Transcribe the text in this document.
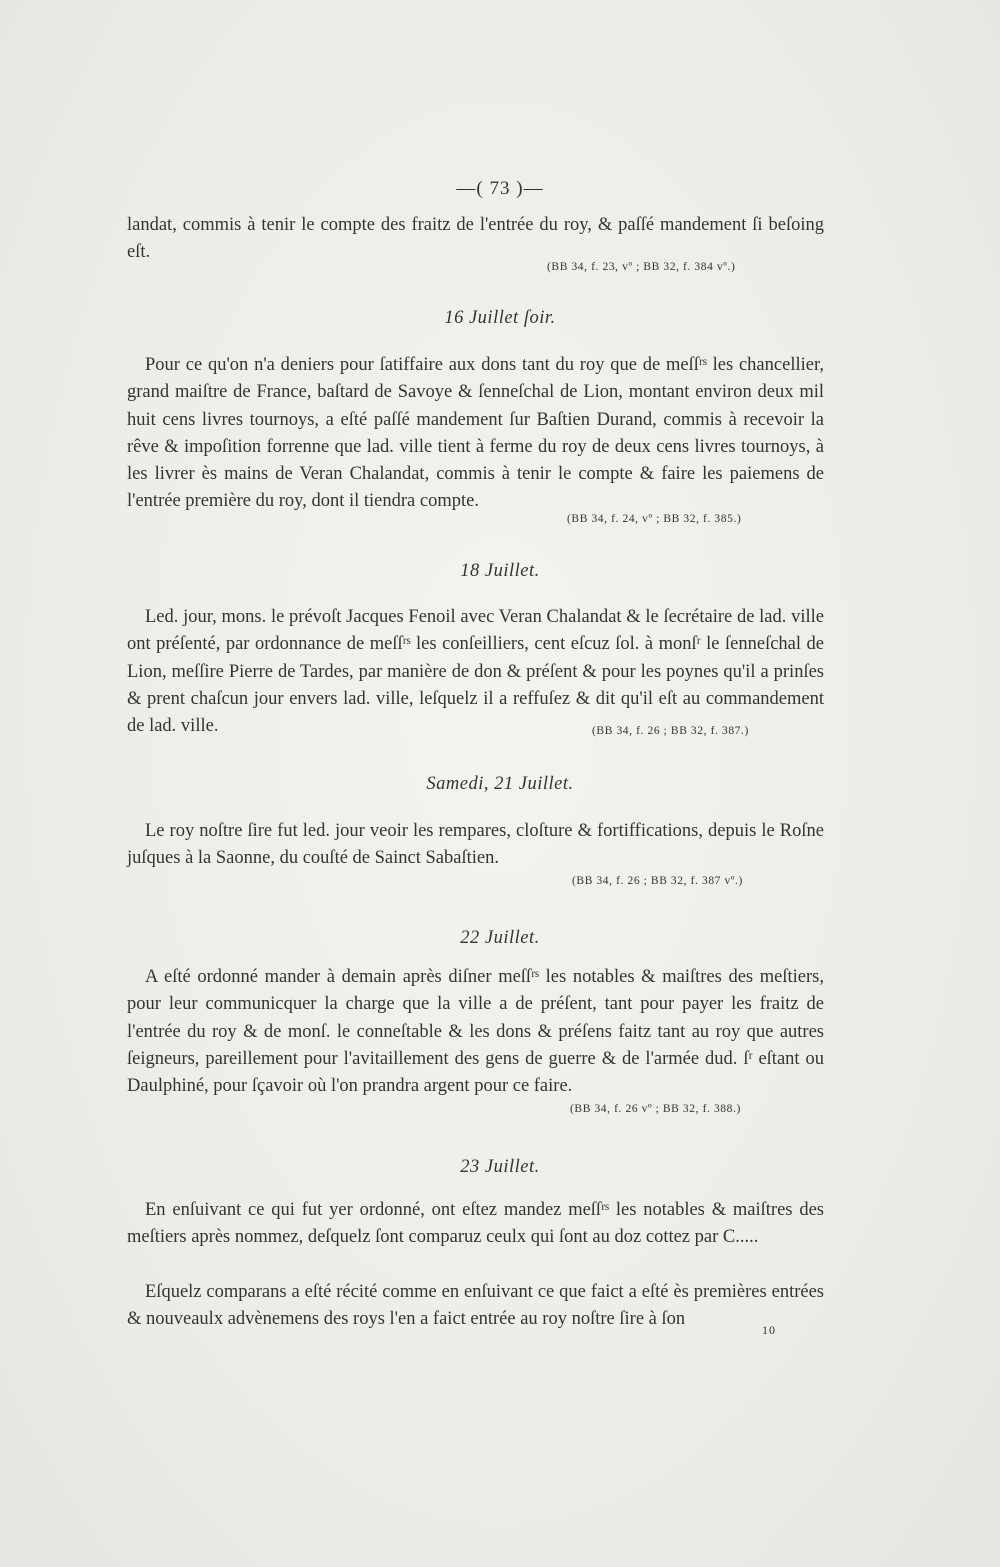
—( 73 )—

landat, commis à tenir le compte des fraitz de l'entrée du roy, & paſſé mandement ſi beſoing eſt.

(BB 34, f. 23, vº ; BB 32, f. 384 vº.)
16 Juillet ſoir.

Pour ce qu'on n'a deniers pour ſatiffaire aux dons tant du roy que de meſſʳˢ les chancellier, grand maiſtre de France, baſtard de Savoye & ſenneſchal de Lion, montant environ deux mil huit cens livres tournoys, a eſté paſſé mandement ſur Baſtien Durand, commis à recevoir la rêve & impoſition forrenne que lad. ville tient à ferme du roy de deux cens livres tournoys, à les livrer ès mains de Veran Chalandat, commis à tenir le compte & faire les paiemens de l'entrée première du roy, dont il tiendra compte.

(BB 34, f. 24, vº ; BB 32, f. 385.)
18 Juillet.

Led. jour, mons. le prévoſt Jacques Fenoil avec Veran Chalandat & le ſecrétaire de lad. ville ont préſenté, par ordonnance de meſſʳˢ les conſeilliers, cent eſcuz ſol. à monſʳ le ſenneſchal de Lion, meſſire Pierre de Tardes, par manière de don & préſent & pour les poynes qu'il a prinſes & prent chaſcun jour envers lad. ville, leſquelz il a reffuſez & dit qu'il eſt au commandement de lad. ville.	(BB 34, f. 26 ; BB 32, f. 387.)
Samedi, 21 Juillet.

Le roy noſtre ſire fut led. jour veoir les rempares, cloſture & fortiffications, depuis le Roſne juſques à la Saonne, du couſté de Sainct Sabaſtien.

(BB 34, f. 26 ; BB 32, f. 387 vº.)
22 Juillet.

A eſté ordonné mander à demain après diſner meſſʳˢ les notables & maiſtres des meſtiers, pour leur communicquer la charge que la ville a de préſent, tant pour payer les fraitz de l'entrée du roy & de monſ. le conneſtable & les dons & préſens faitz tant au roy que autres ſeigneurs, pareillement pour l'avitaillement des gens de guerre & de l'armée dud. ſʳ eſtant ou Daulphiné, pour ſçavoir où l'on prandra argent pour ce faire.

(BB 34, f. 26 vº ; BB 32, f. 388.)
23 Juillet.

En enſuivant ce qui fut yer ordonné, ont eſtez mandez meſſʳˢ les notables & maiſtres des meſtiers après nommez, deſquelz ſont comparuz ceulx qui ſont au doz cottez par C.....

Eſquelz comparans a eſté récité comme en enſuivant ce que faict a eſté ès premières entrées & nouveaulx advènemens des roys l'en a faict entrée au roy noſtre ſire à ſon

10
